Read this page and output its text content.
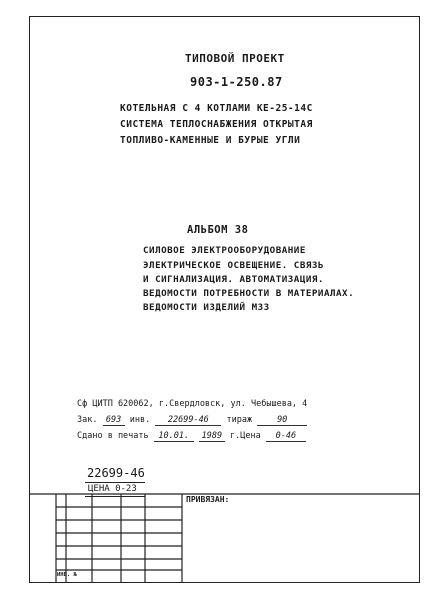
ТИПОВОЙ ПРОЕКТ
903-1-250.87
КОТЕЛЬНАЯ С 4 КОТЛАМИ КЕ-25-14С
СИСТЕМА ТЕПЛОСНАБЖЕНИЯ ОТКРЫТАЯ
ТОПЛИВО-КАМЕННЫЕ И БУРЫЕ УГЛИ
АЛЬБОМ 38
СИЛОВОЕ ЭЛЕКТРООБОРУДОВАНИЕ
ЭЛЕКТРИЧЕСКОЕ ОСВЕЩЕНИЕ. СВЯЗЬ
И СИГНАЛИЗАЦИЯ. АВТОМАТИЗАЦИЯ.
ВЕДОМОСТИ ПОТРЕБНОСТИ В МАТЕРИАЛАХ.
ВЕДОМОСТИ ИЗДЕЛИЙ МЗЗ
Сф ЦИТП 620062, г.Свердловск, ул. Чебышева, 4
Зак. 693 инв. 22699-46 тираж	90
Сдано в печать 10.01. 1989 г.Цена 0-46
22699-46
ЦЕНА 0-23
ПРИВЯЗАН:
ИНВ. №
